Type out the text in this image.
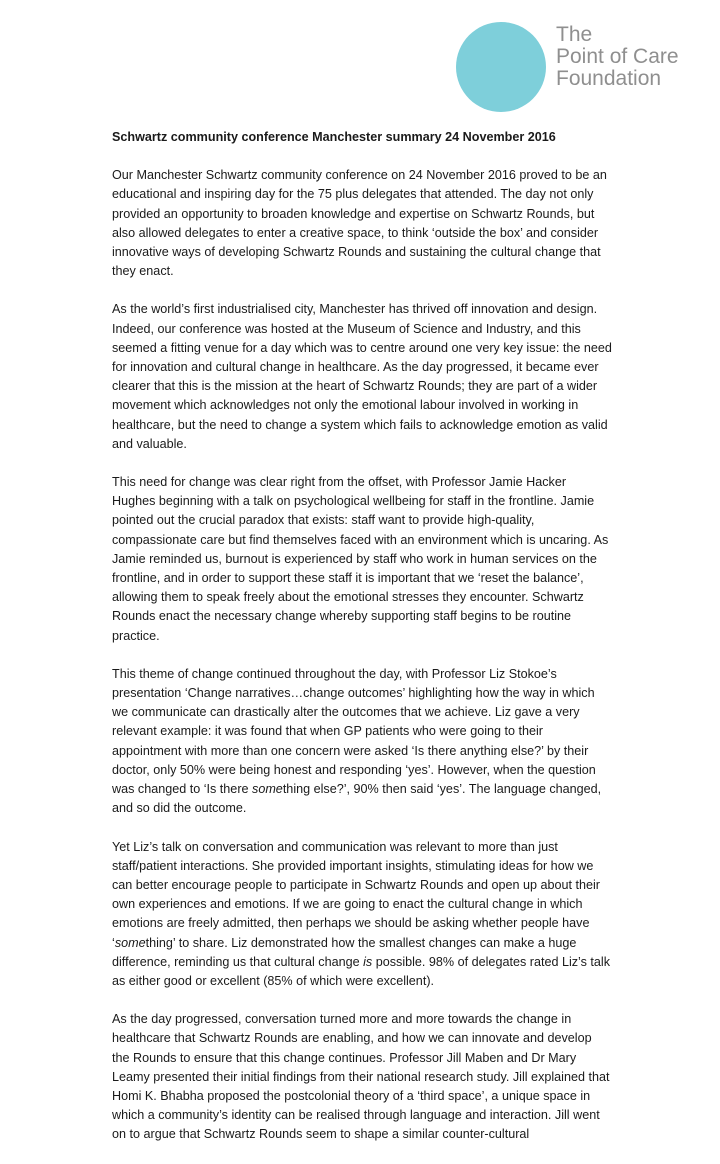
The
Point of Care
Foundation
Schwartz community conference Manchester summary 24 November 2016

Our Manchester Schwartz community conference on 24 November 2016 proved to be an educational and inspiring day for the 75 plus delegates that attended. The day not only provided an opportunity to broaden knowledge and expertise on Schwartz Rounds, but also allowed delegates to enter a creative space, to think ‘outside the box’ and consider innovative ways of developing Schwartz Rounds and sustaining the cultural change that they enact.

As the world’s first industrialised city, Manchester has thrived off innovation and design. Indeed, our conference was hosted at the Museum of Science and Industry, and this seemed a fitting venue for a day which was to centre around one very key issue: the need for innovation and cultural change in healthcare. As the day progressed, it became ever clearer that this is the mission at the heart of Schwartz Rounds; they are part of a wider movement which acknowledges not only the emotional labour involved in working in healthcare, but the need to change a system which fails to acknowledge emotion as valid and valuable.

This need for change was clear right from the offset, with Professor Jamie Hacker Hughes beginning with a talk on psychological wellbeing for staff in the frontline. Jamie pointed out the crucial paradox that exists: staff want to provide high-quality, compassionate care but find themselves faced with an environment which is uncaring. As Jamie reminded us, burnout is experienced by staff who work in human services on the frontline, and in order to support these staff it is important that we ‘reset the balance’, allowing them to speak freely about the emotional stresses they encounter. Schwartz Rounds enact the necessary change whereby supporting staff begins to be routine practice.

This theme of change continued throughout the day, with Professor Liz Stokoe’s presentation ‘Change narratives…change outcomes’ highlighting how the way in which we communicate can drastically alter the outcomes that we achieve. Liz gave a very relevant example: it was found that when GP patients who were going to their appointment with more than one concern were asked ‘Is there anything else?’ by their doctor, only 50% were being honest and responding ‘yes’. However, when the question was changed to ‘Is there something else?’, 90% then said ‘yes’. The language changed, and so did the outcome.

Yet Liz’s talk on conversation and communication was relevant to more than just staff/patient interactions. She provided important insights, stimulating ideas for how we can better encourage people to participate in Schwartz Rounds and open up about their own experiences and emotions. If we are going to enact the cultural change in which emotions are freely admitted, then perhaps we should be asking whether people have ‘something’ to share. Liz demonstrated how the smallest changes can make a huge difference, reminding us that cultural change is possible. 98% of delegates rated Liz’s talk as either good or excellent (85% of which were excellent).

As the day progressed, conversation turned more and more towards the change in healthcare that Schwartz Rounds are enabling, and how we can innovate and develop the Rounds to ensure that this change continues. Professor Jill Maben and Dr Mary Leamy presented their initial findings from their national research study. Jill explained that Homi K. Bhabha proposed the postcolonial theory of a ‘third space’, a unique space in which a community’s identity can be realised through language and interaction. Jill went on to argue that Schwartz Rounds seem to shape a similar counter-cultural
